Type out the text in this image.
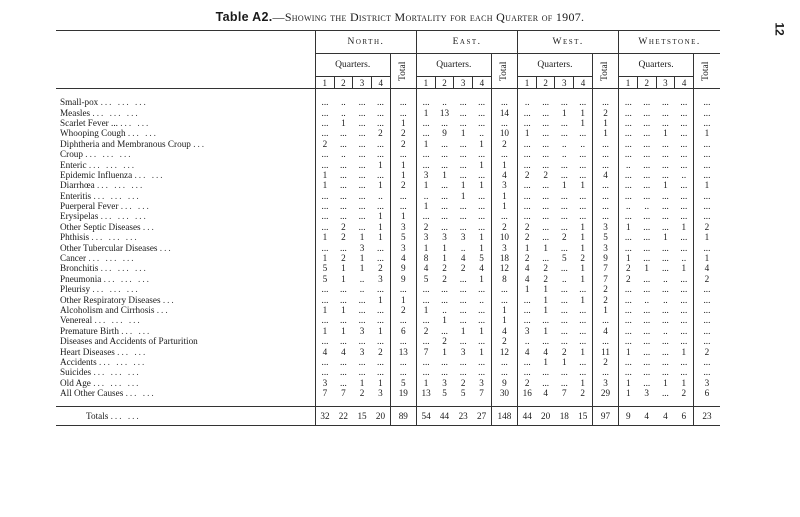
12
Table A2.—Showing the District Mortality for each Quarter of 1907.
	North.					East.					West.					Whetstone.				
	Quarters.				Total	Quarters.				Total	Quarters.				Total	Quarters.				Total
	1	2	3	4		1	2	3	4		1	2	3	4		1	2	3	4	

Small-pox ... ... ...	...	..	...	...	...	...	..	...	...	...	..	...	...	...	...	...	...	...	...	...
Measles ... ... ...	...	..	...	...	...	1	13	...	...	14	...	...	1	1	2	...	...	...	...	...
Scarlet Fever ... ... ...	...	1	...	...	1	...	...	...	...	...	...	...	...	1	1	...	...	...	...	...
Whooping Cough ... ...	...	...	...	2	2	...	9	1	..	10	1	...	...	...	1	...	...	1	...	1
Diphtheria and Membranous Croup ...	2	...	...	...	2	1	...	...	1	2	...	...	..	..	...	...	...	...	...	...
Croup ... ... ...	...	..	...	...	...	...	...	...	...	...	...	...	..	...	...	...	...	...	...	...
Enteric ... ... ...	...	...	...	1	1	...	...	...	1	1	...	...	...	...	...	..	...	...	...	...
Epidemic Influenza ... ...	1	...	...	...	1	3	1	...	...	4	2	2	...	...	4	...	...	...	..	...
Diarrhœa ... ... ...	1	...	...	1	2	1	...	1	1	3	...	...	1	1	...	...	...	1	...	1
Enteritis ... ... ...	...	...	...	..	...	..	...	1	...	1	...	...	...	...	...	...	...	...	...	...
Puerperal Fever ... ...	...	...	...	...	...	1	...	...	...	1	...	...	...	...	...	..	..	...	...	...
Erysipelas ... ... ...	...	...	...	1	1	...	...	...	...	...	...	...	...	...	...	...	...	...	...	...
Other Septic Diseases ...	...	2	...	1	3	2	...	...	...	2	2	...	...	1	3	1	...	...	1	2
Phthisis ... ... ...	1	2	1	1	5	3	3	3	1	10	2	...	2	1	5	...	...	1	...	1
Other Tubercular Diseases ...	...	...	3	...	3	1	1	..	1	3	1	1	...	1	3	...	...	...	...	...
Cancer ... ... ...	1	2	1	...	4	8	1	4	5	18	2	...	5	2	9	1	...	...	..	1
Bronchitis ... ... ...	5	1	1	2	9	4	2	2	4	12	4	2	...	1	7	2	1	...	1	4
Pneumonia ... ... ...	5	1	..	3	9	5	2	...	1	8	4	2	..	1	7	2	...	..	...	2
Pleurisy ... ... ...	...	...	..	...	...	...	...	...	...	...	1	1	...	...	2	...	...	...	...	...
Other Respiratory Diseases ...	...	...	...	1	1	...	...	...	..	...	...	1	...	1	2	...	..	..	...	...
Alcoholism and Cirrhosis ...	1	1	...	...	2	1	..	...	...	1	...	1	...	...	1	...	...	...	...	...
Venereal ... ... ...	...	...	...	...	...	...	1	...	...	1	...	...	...	...	...	...	...	...	...	...
Premature Birth ... ...	1	1	3	1	6	2	...	1	1	4	3	1	...	...	4	...	...	..	...	...
Diseases and Accidents of Parturition	...	...	...	...	...	...	2	...	...	2	..	...	...	...	...	...	...	...	...	...
Heart Diseases ... ...	4	4	3	2	13	7	1	3	1	12	4	4	2	1	11	1	...	...	1	2
Accidents ... ... ...	...	...	...	...	...	...	...	...	...	...	...	1	1	...	2	...	...	...	...	...
Suicides ... ... ...	...	...	...	...	...	...	...	...	...	...	...	...	...	...	...	...	...	...	...	...
Old Age ... ... ...	3	...	1	1	5	1	3	2	3	9	2	...	...	1	3	1	...	1	1	3
All Other Causes ... ...	7	7	2	3	19	13	5	5	7	30	16	4	7	2	29	1	3	...	2	6

Totals ... ...	32	22	15	20	89	54	44	23	27	148	44	20	18	15	97	9	4	4	6	23
